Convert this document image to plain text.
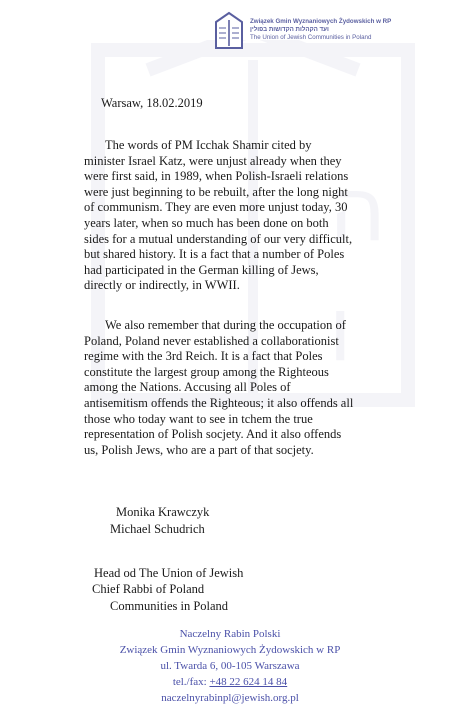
ה
ו
Związek Gmin Wyznaniowych Żydowskich w RP
ועד הקהלות הקדושות בפולין
The Union of Jewish Communities in Poland
Warsaw, 18.02.2019
The words of PM Icchak Shamir cited by
minister Israel Katz, were unjust already when they
were first said, in 1989, when Polish-Israeli relations
were just beginning to be rebuilt, after the long night
of communism. They are even more unjust today, 30
years later, when so much has been done on both
sides for a mutual understanding of our very difficult,
but shared history. It is a fact that a number of Poles
had participated in the German killing of Jews,
directly or indirectly, in WWII.
We also remember that during the occupation of
Poland, Poland never established a collaborationist
regime with the 3rd Reich. It is a fact that Poles
constitute the largest group among the Righteous
among the Nations. Accusing all Poles of
antisemitism offends the Righteous; it also offends all
those who today want to see in tchem the true
representation of Polish socjety. And it also offends
us, Polish Jews, who are a part of that socjety.
Monika Krawczyk
Michael Schudrich
Head od The Union of Jewish
Chief Rabbi of Poland
Communities in Poland
Naczelny Rabin Polski
Związek Gmin Wyznaniowych Żydowskich w RP
ul. Twarda 6, 00-105 Warszawa
tel./fax: +48 22 624 14 84
naczelnyrabinpl@jewish.org.pl
